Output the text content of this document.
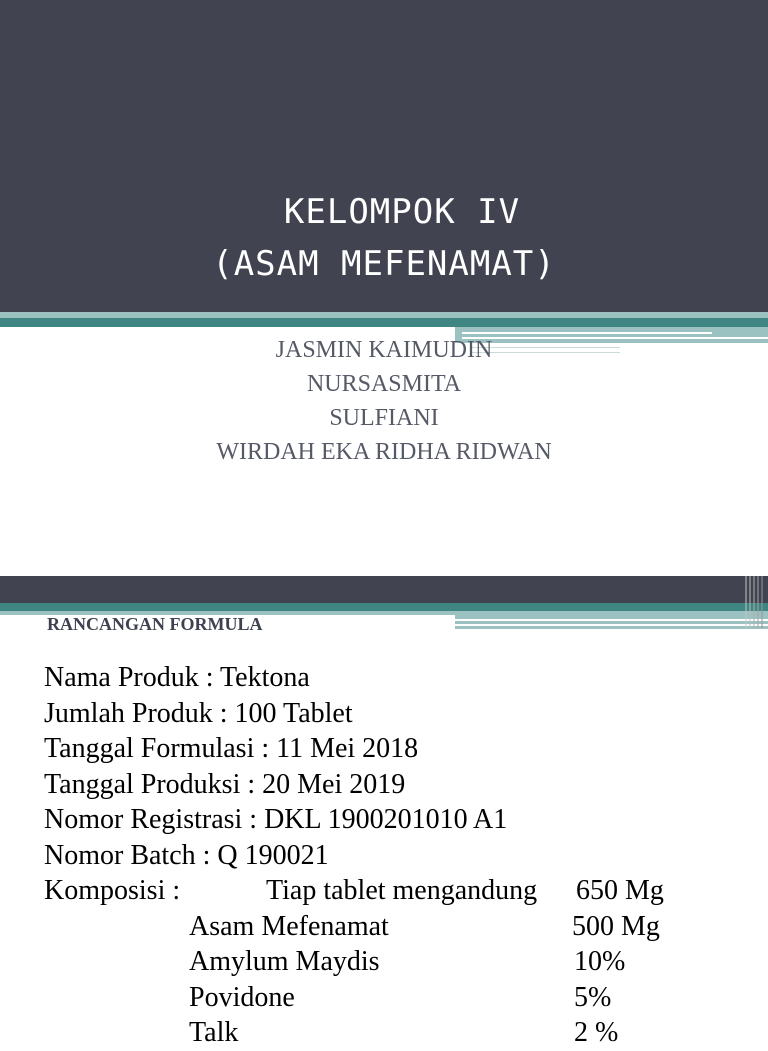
KELOMPOK IV
(ASAM MEFENAMAT)
JASMIN KAIMUDIN
NURSASMITA
SULFIANI
WIRDAH EKA RIDHA RIDWAN
RANCANGAN FORMULA
Nama Produk : Tektona
Jumlah Produk : 100 Tablet
Tanggal Formulasi : 11 Mei 2018
Tanggal Produksi : 20 Mei 2019
Nomor Registrasi : DKL 1900201010 A1
Nomor Batch : Q 190021
Komposisi :	Tiap tablet mengandung 650 Mg
Asam Mefenamat	500 Mg
Amylum Maydis	10%
Povidone	5%
Talk	2 %
